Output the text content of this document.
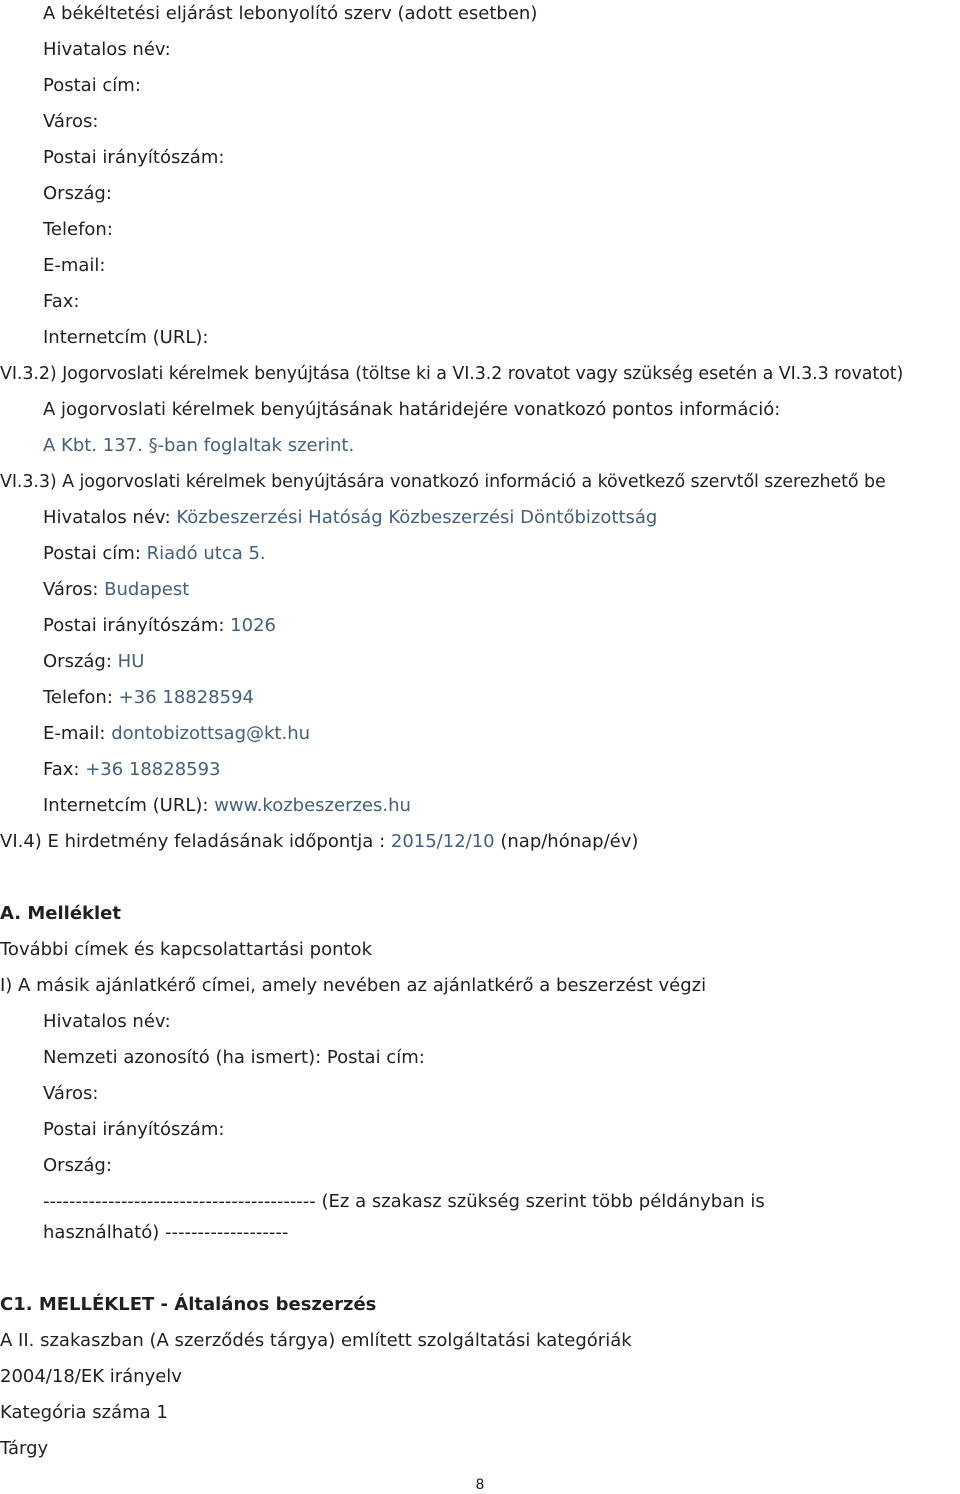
A békéltetési eljárást lebonyolító szerv (adott esetben)
Hivatalos név:
Postai cím:
Város:
Postai irányítószám:
Ország:
Telefon:
E-mail:
Fax:
Internetcím (URL):
VI.3.2) Jogorvoslati kérelmek benyújtása (töltse ki a VI.3.2 rovatot vagy szükség esetén a VI.3.3 rovatot)
A jogorvoslati kérelmek benyújtásának határidejére vonatkozó pontos információ:
A Kbt. 137. §-ban foglaltak szerint.
VI.3.3) A jogorvoslati kérelmek benyújtására vonatkozó információ a következő szervtől szerezhető be
Hivatalos név: Közbeszerzési Hatóság Közbeszerzési Döntőbizottság
Postai cím: Riadó utca 5.
Város: Budapest
Postai irányítószám: 1026
Ország: HU
Telefon: +36 18828594
E-mail: dontobizottsag@kt.hu
Fax: +36 18828593
Internetcím (URL): www.kozbeszerzes.hu
VI.4) E hirdetmény feladásának időpontja : 2015/12/10 (nap/hónap/év)
A. Melléklet
További címek és kapcsolattartási pontok
I) A másik ajánlatkérő címei, amely nevében az ajánlatkérő a beszerzést végzi
Hivatalos név:
Nemzeti azonosító (ha ismert): Postai cím:
Város:
Postai irányítószám:
Ország:
------------------------------------------ (Ez a szakasz szükség szerint több példányban is
használható) -------------------
C1. MELLÉKLET - Általános beszerzés
A II. szakaszban (A szerződés tárgya) említett szolgáltatási kategóriák
2004/18/EK irányelv
Kategória száma 1
Tárgy
8
